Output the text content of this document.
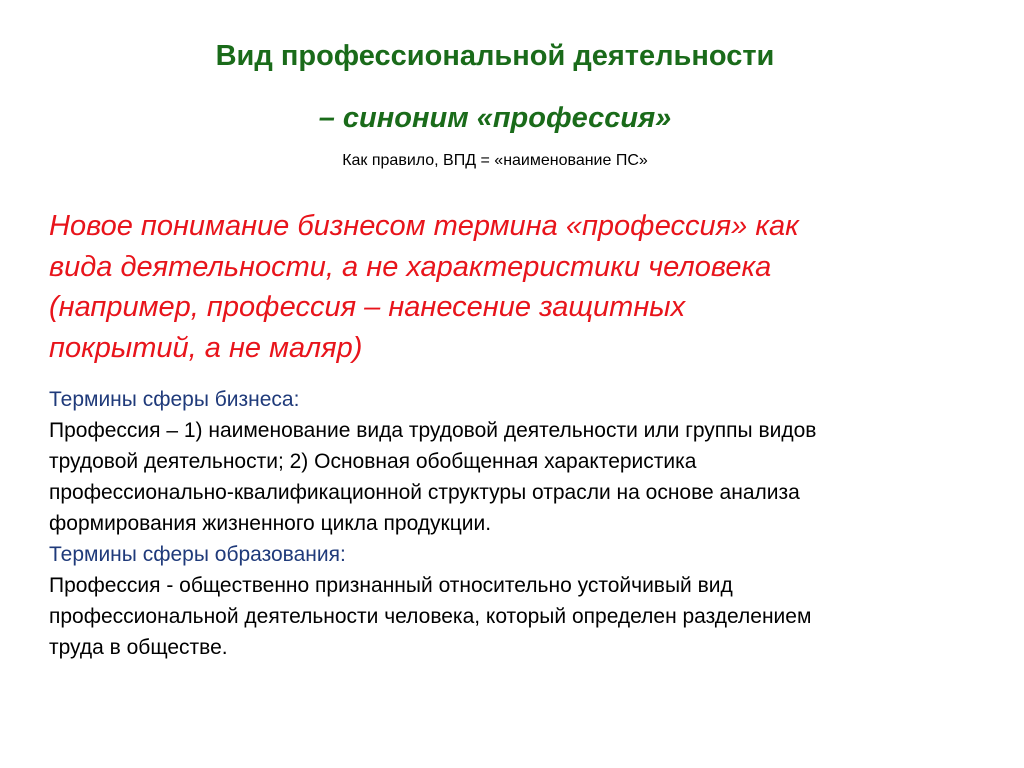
Вид профессиональной деятельности
– синоним «профессия»
Как правило, ВПД = «наименование ПС»
Новое понимание бизнесом термина «профессия» как
вида деятельности, а не характеристики человека
(например, профессия – нанесение защитных
покрытий, а не маляр)

Термины сферы бизнеса:

Профессия – 1) наименование вида трудовой деятельности или группы видов

трудовой деятельности; 2) Основная обобщенная характеристика

профессионально-квалификационной структуры отрасли на основе анализа

формирования жизненного цикла продукции.

Термины сферы образования:

Профессия - общественно признанный относительно устойчивый вид

профессиональной деятельности человека, который определен разделением

труда в обществе.
